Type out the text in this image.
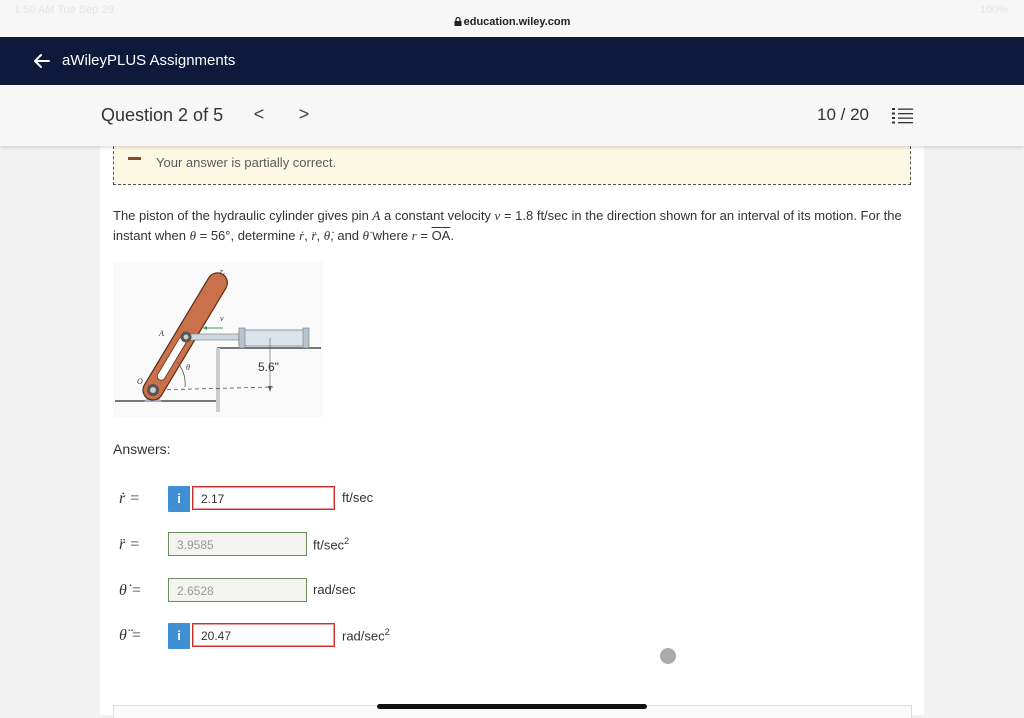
1:50 AM Tue Sep 29
education.wiley.com
100%
aWileyPLUS Assignments
Question 2 of 5 < >	10 / 20
Your answer is partially correct.
The piston of the hydraulic cylinder gives pin A a constant velocity v = 1.8 ft/sec in the direction shown for an interval of its motion. For the instant when θ = 56°, determine ṙ, r̈, θ̇, and θ̈ where $r = \overline{OA}$.
r
v
A
O
θ	5.6"
Answers:
ṙ =	i	2.17	ft/sec
r̈ =	3.9585	$ft/\sec^2$
θ̇ =	2.6528	rad/sec
θ̈ =	i	20.47	rad/$\sec^2$
